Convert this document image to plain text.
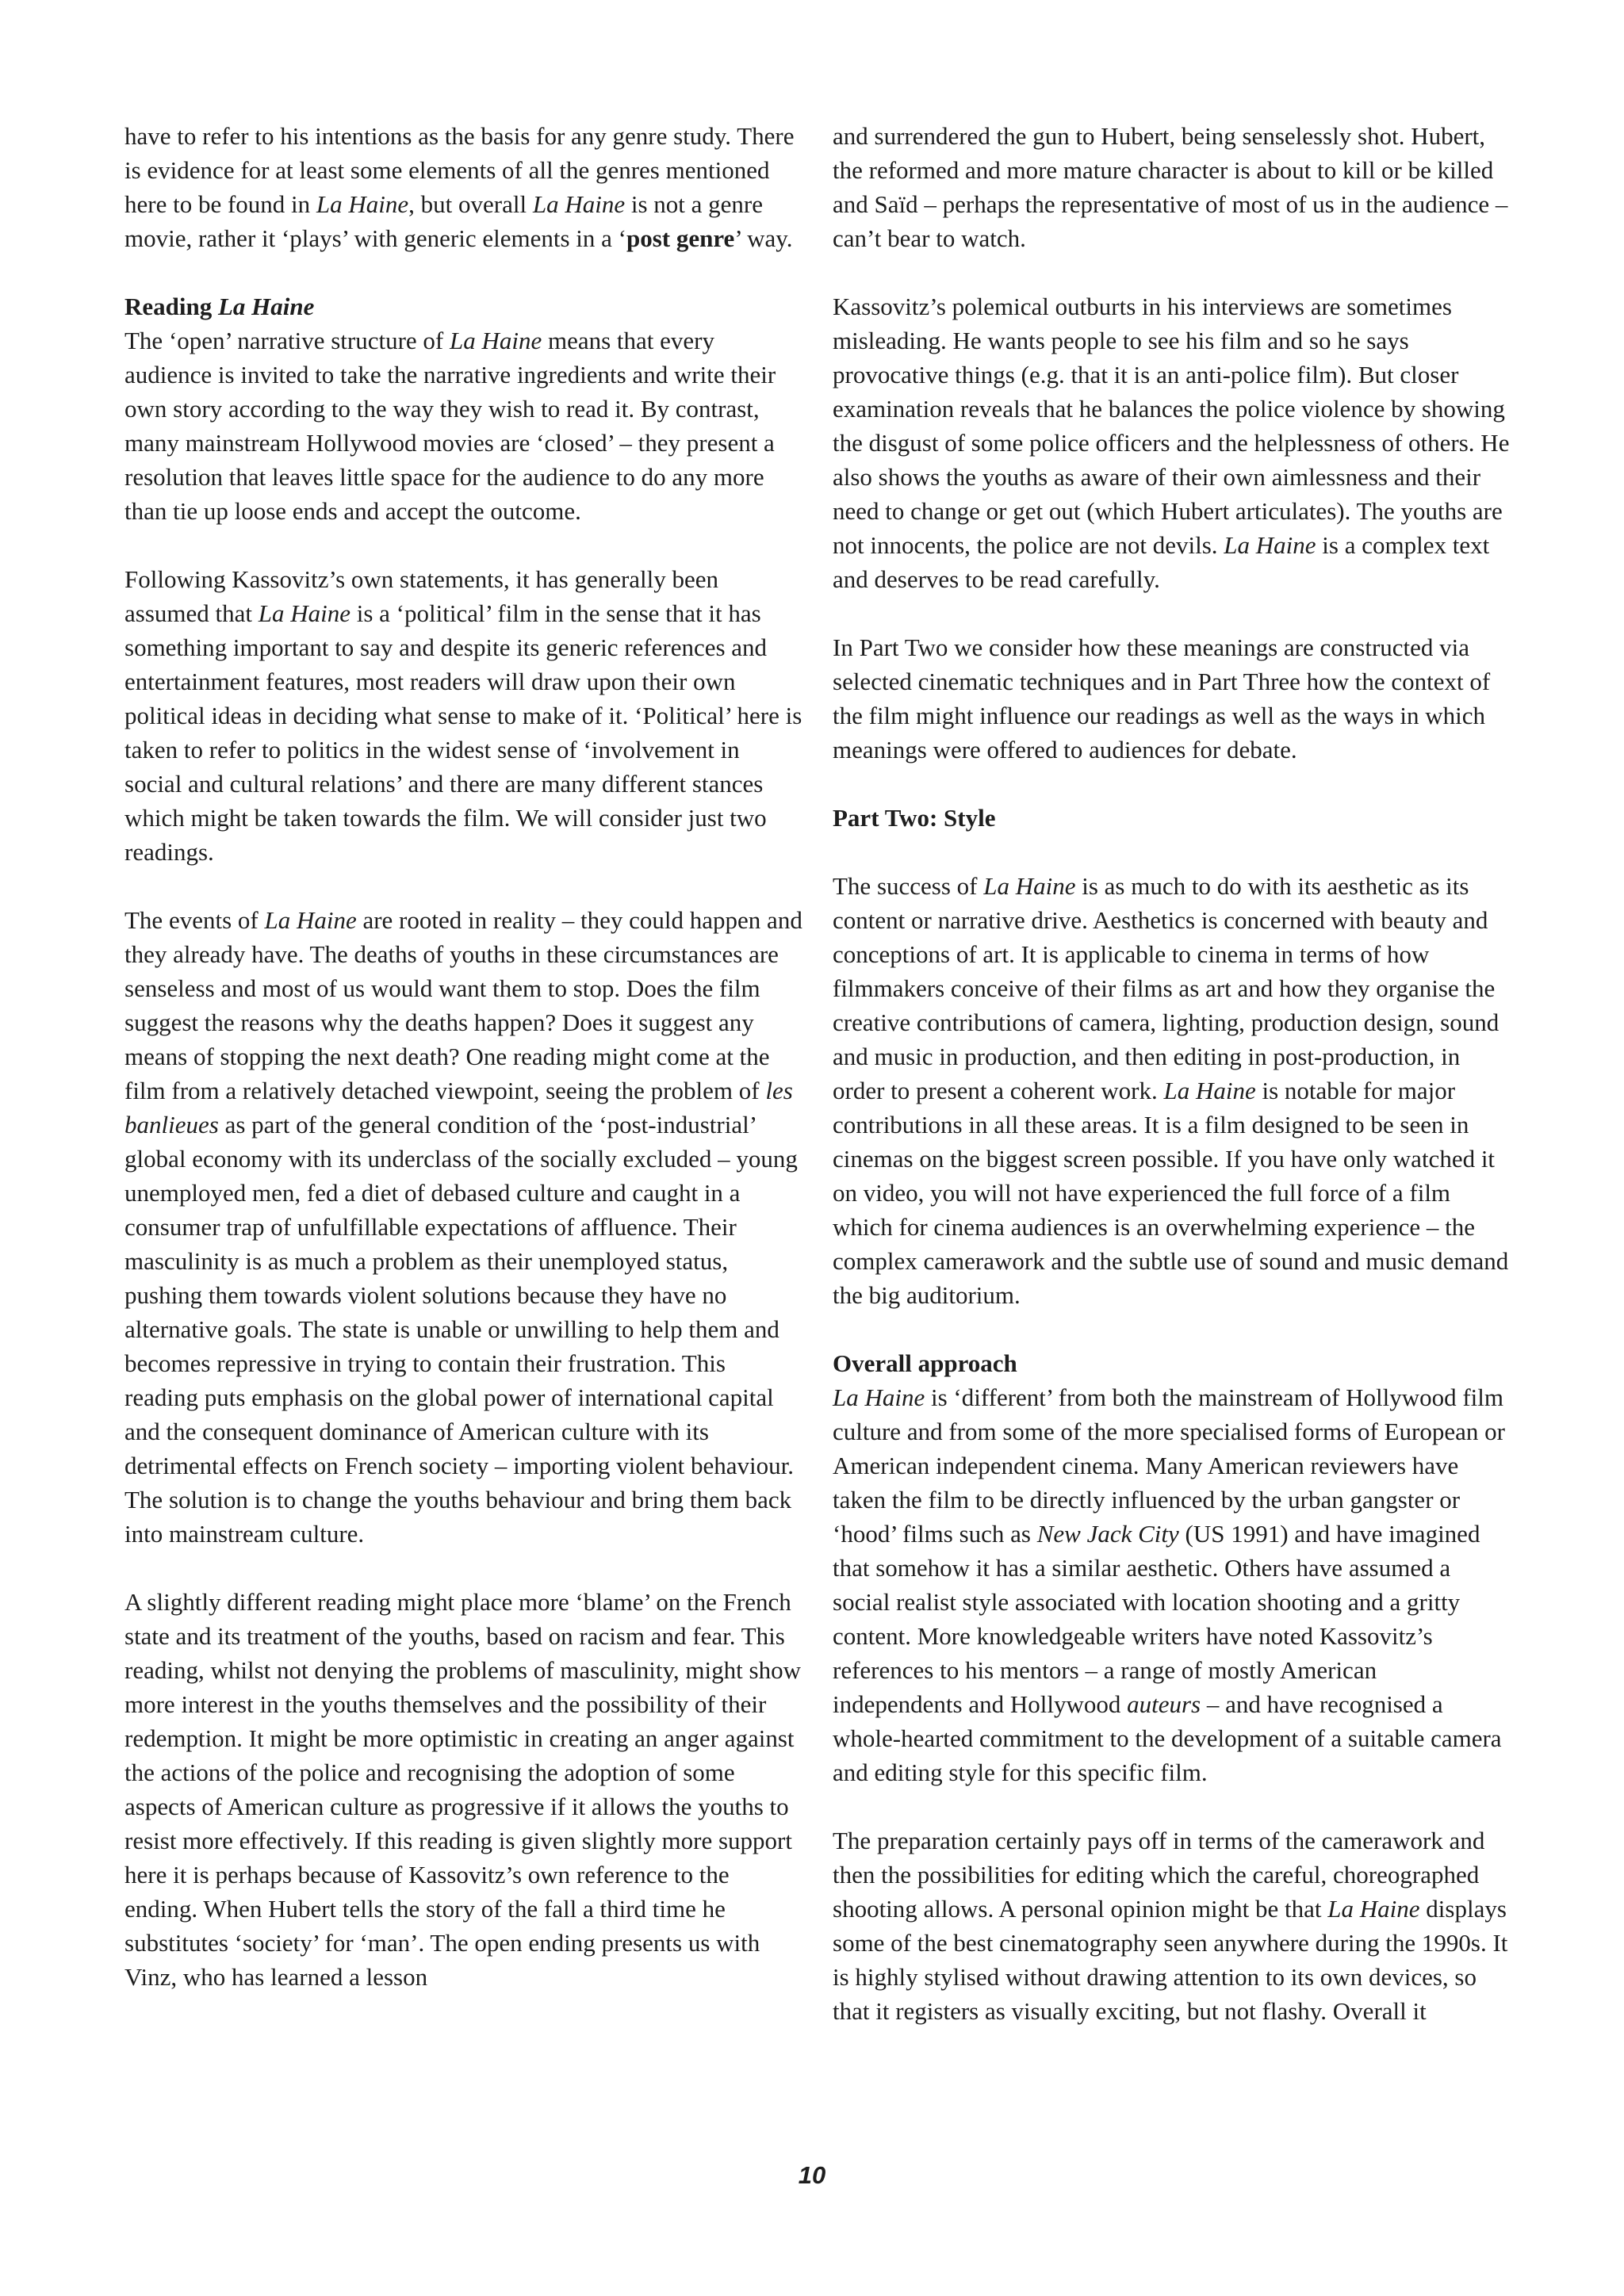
have to refer to his intentions as the basis for any genre study. There is evidence for at least some elements of all the genres mentioned here to be found in La Haine, but overall La Haine is not a genre movie, rather it ‘plays’ with generic elements in a ‘post genre’ way.

Reading La Haine

The ‘open’ narrative structure of La Haine means that every audience is invited to take the narrative ingredients and write their own story according to the way they wish to read it. By contrast, many mainstream Hollywood movies are ‘closed’ – they present a resolution that leaves little space for the audience to do any more than tie up loose ends and accept the outcome.

Following Kassovitz’s own statements, it has generally been assumed that La Haine is a ‘political’ film in the sense that it has something important to say and despite its generic references and entertainment features, most readers will draw upon their own political ideas in deciding what sense to make of it. ‘Political’ here is taken to refer to politics in the widest sense of ‘involvement in social and cultural relations’ and there are many different stances which might be taken towards the film. We will consider just two readings.

The events of La Haine are rooted in reality – they could happen and they already have. The deaths of youths in these circumstances are senseless and most of us would want them to stop. Does the film suggest the reasons why the deaths happen? Does it suggest any means of stopping the next death? One reading might come at the film from a relatively detached viewpoint, seeing the problem of les banlieues as part of the general condition of the ‘post-industrial’ global economy with its underclass of the socially excluded – young unemployed men, fed a diet of debased culture and caught in a consumer trap of unfulfillable expectations of affluence. Their masculinity is as much a problem as their unemployed status, pushing them towards violent solutions because they have no alternative goals. The state is unable or unwilling to help them and becomes repressive in trying to contain their frustration. This reading puts emphasis on the global power of international capital and the consequent dominance of American culture with its detrimental effects on French society – importing violent behaviour. The solution is to change the youths behaviour and bring them back into mainstream culture.

A slightly different reading might place more ‘blame’ on the French state and its treatment of the youths, based on racism and fear. This reading, whilst not denying the problems of masculinity, might show more interest in the youths themselves and the possibility of their redemption. It might be more optimistic in creating an anger against the actions of the police and recognising the adoption of some aspects of American culture as progressive if it allows the youths to resist more effectively. If this reading is given slightly more support here it is perhaps because of Kassovitz’s own reference to the ending. When Hubert tells the story of the fall a third time he substitutes ‘society’ for ‘man’. The open ending presents us with Vinz, who has learned a lesson

and surrendered the gun to Hubert, being senselessly shot. Hubert, the reformed and more mature character is about to kill or be killed and Saïd – perhaps the representative of most of us in the audience – can’t bear to watch.

Kassovitz’s polemical outburts in his interviews are sometimes misleading. He wants people to see his film and so he says provocative things (e.g. that it is an anti-police film). But closer examination reveals that he balances the police violence by showing the disgust of some police officers and the helplessness of others. He also shows the youths as aware of their own aimlessness and their need to change or get out (which Hubert articulates). The youths are not innocents, the police are not devils. La Haine is a complex text and deserves to be read carefully.

In Part Two we consider how these meanings are constructed via selected cinematic techniques and in Part Three how the context of the film might influence our readings as well as the ways in which meanings were offered to audiences for debate.

Part Two: Style

The success of La Haine is as much to do with its aesthetic as its content or narrative drive. Aesthetics is concerned with beauty and conceptions of art. It is applicable to cinema in terms of how filmmakers conceive of their films as art and how they organise the creative contributions of camera, lighting, production design, sound and music in production, and then editing in post-production, in order to present a coherent work. La Haine is notable for major contributions in all these areas. It is a film designed to be seen in cinemas on the biggest screen possible. If you have only watched it on video, you will not have experienced the full force of a film which for cinema audiences is an overwhelming experience – the complex camerawork and the subtle use of sound and music demand the big auditorium.

Overall approach

La Haine is ‘different’ from both the mainstream of Hollywood film culture and from some of the more specialised forms of European or American independent cinema. Many American reviewers have taken the film to be directly influenced by the urban gangster or ‘hood’ films such as New Jack City (US 1991) and have imagined that somehow it has a similar aesthetic. Others have assumed a social realist style associated with location shooting and a gritty content. More knowledgeable writers have noted Kassovitz’s references to his mentors – a range of mostly American independents and Hollywood auteurs – and have recognised a whole-hearted commitment to the development of a suitable camera and editing style for this specific film.

The preparation certainly pays off in terms of the camerawork and then the possibilities for editing which the careful, choreographed shooting allows. A personal opinion might be that La Haine displays some of the best cinematography seen anywhere during the 1990s. It is highly stylised without drawing attention to its own devices, so that it registers as visually exciting, but not flashy. Overall it

10
